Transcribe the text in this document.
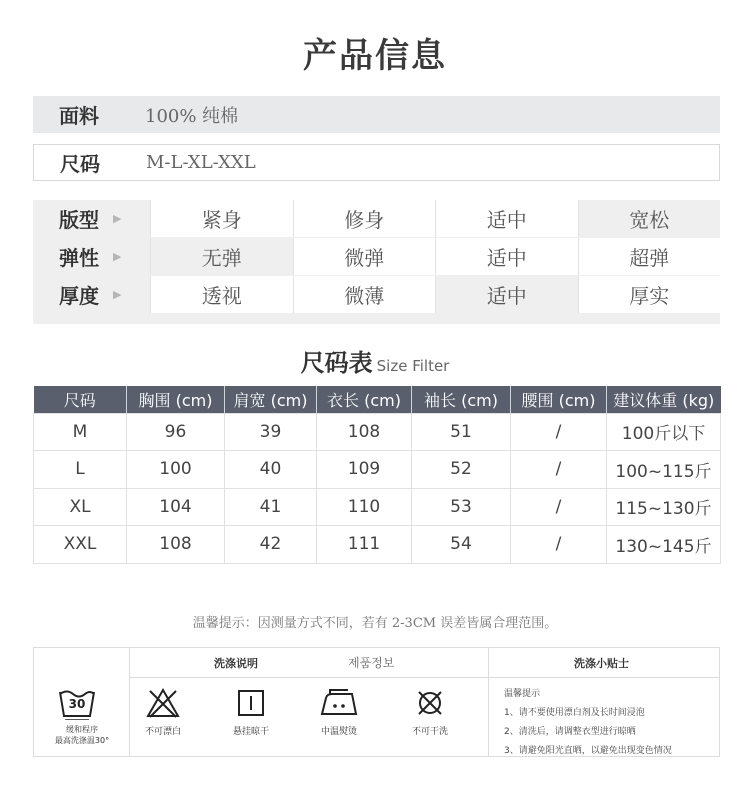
产品信息
面料	100% 纯棉
尺码	M-L-XL-XXL
版型 ▶	紧身	修身	适中	宽松
弹性 ▶	无弹	微弹	适中	超弹
厚度 ▶	透视	微薄	适中	厚实
尺码表 Size Filter
尺码	胸围 (cm)	肩宽 (cm)	衣长 (cm)	袖长 (cm)	腰围 (cm)	建议体重 (kg)
M	96	39	108	51	/	100斤以下
L	100	40	109	52	/	100~115斤
XL	104	41	110	53	/	115~130斤
XXL	108	42	111	54	/	130~145斤
温馨提示：因测量方式不同，若有 2-3CM 误差皆属合理范围。
洗涤说明	제품정보	洗涤小贴士
30
缓和程序
最高洗涤温30°
不可漂白	悬挂晾干	中温熨烫	不可干洗
温馨提示
1、请不要使用漂白剂及长时间浸泡
2、清洗后，请调整衣型进行晾晒
3、请避免阳光直晒，以避免出现变色情况
